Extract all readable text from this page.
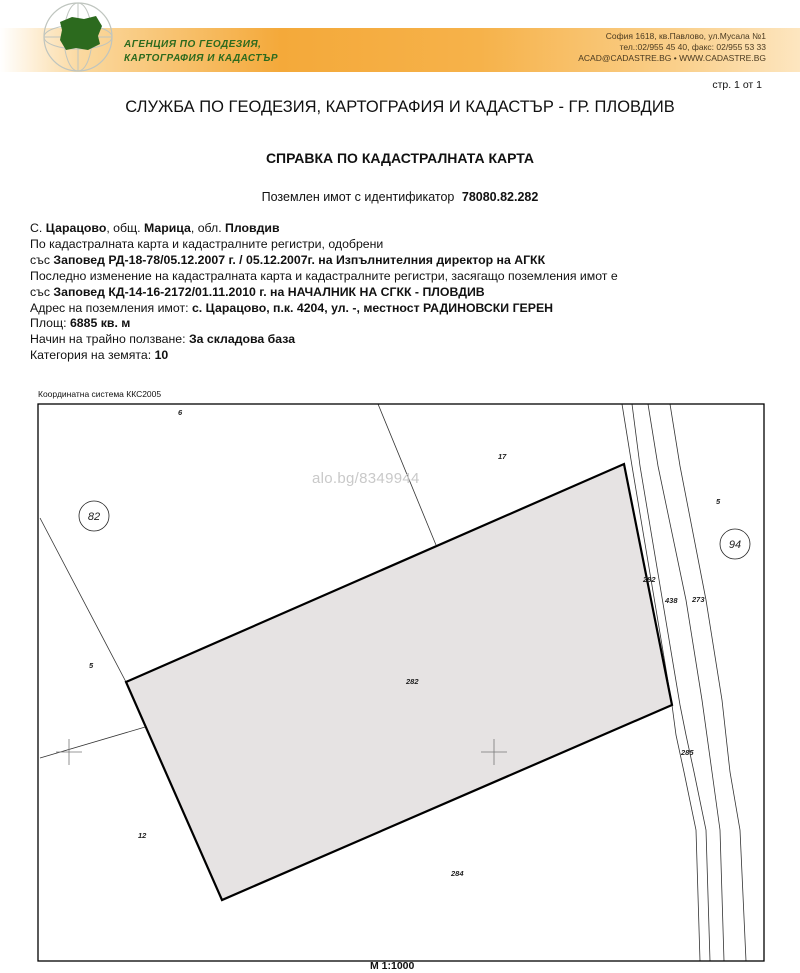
АГЕНЦИЯ ПО ГЕОДЕЗИЯ,
КАРТОГРАФИЯ И КАДАСТЪР
София 1618, кв.Павлово, ул.Мусала №1
тел.:02/955 45 40, факс: 02/955 53 33
ACAD@CADASTRE.BG • WWW.CADASTRE.BG
стр. 1 от 1
СЛУЖБА ПО ГЕОДЕЗИЯ, КАРТОГРАФИЯ И КАДАСТЪР - ГР. ПЛОВДИВ
СПРАВКА ПО КАДАСТРАЛНАТА КАРТА
Поземлен имот с идентификатор 78080.82.282
С. Царацово, общ. Марица, обл. Пловдив
По кадастралната карта и кадастралните регистри, одобрени
със Заповед РД-18-78/05.12.2007 г. / 05.12.2007г. на Изпълнителния директор на АГКК
Последно изменение на кадастралната карта и кадастралните регистри, засягащо поземления имот е
със Заповед КД-14-16-2172/01.11.2010 г. на НАЧАЛНИК НА СГКК - ПЛОВДИВ
Адрес на поземления имот: с. Царацово, п.к. 4204, ул. -, местност РАДИНОВСКИ ГЕРЕН
Площ: 6885 кв. м
Начин на трайно ползване: За складова база
Категория на земята: 10
Координатна система ККС2005
82
94
6
17
5
5
282
282
438 273
285
12
284
alo.bg/8349944
М 1:1000
